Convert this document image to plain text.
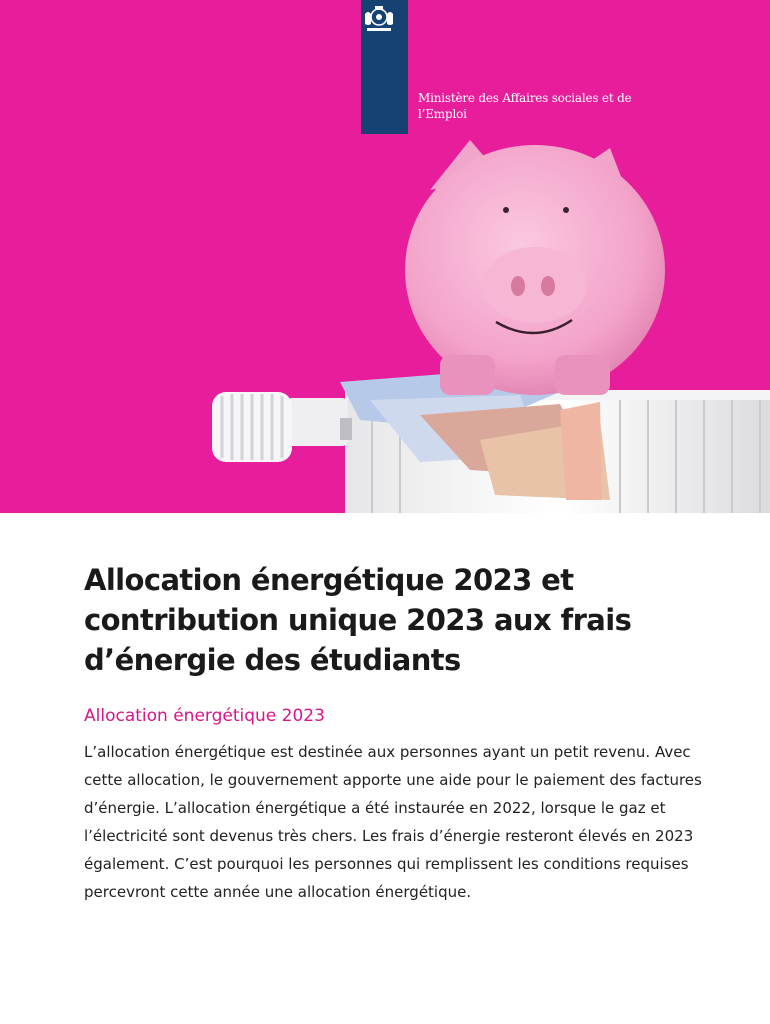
Ministère des Affaires sociales et de l’Emploi
Allocation énergétique 2023 et contribution unique 2023 aux frais d’énergie des étudiants
Allocation énergétique 2023

L’allocation énergétique est destinée aux personnes ayant un petit revenu. Avec cette allocation, le gouvernement apporte une aide pour le paiement des factures d’énergie. L’allocation énergétique a été instaurée en 2022, lorsque le gaz et l’électricité sont devenus très chers. Les frais d’énergie resteront élevés en 2023 également. C’est pourquoi les personnes qui remplissent les conditions requises percevront cette année une allocation énergétique.
